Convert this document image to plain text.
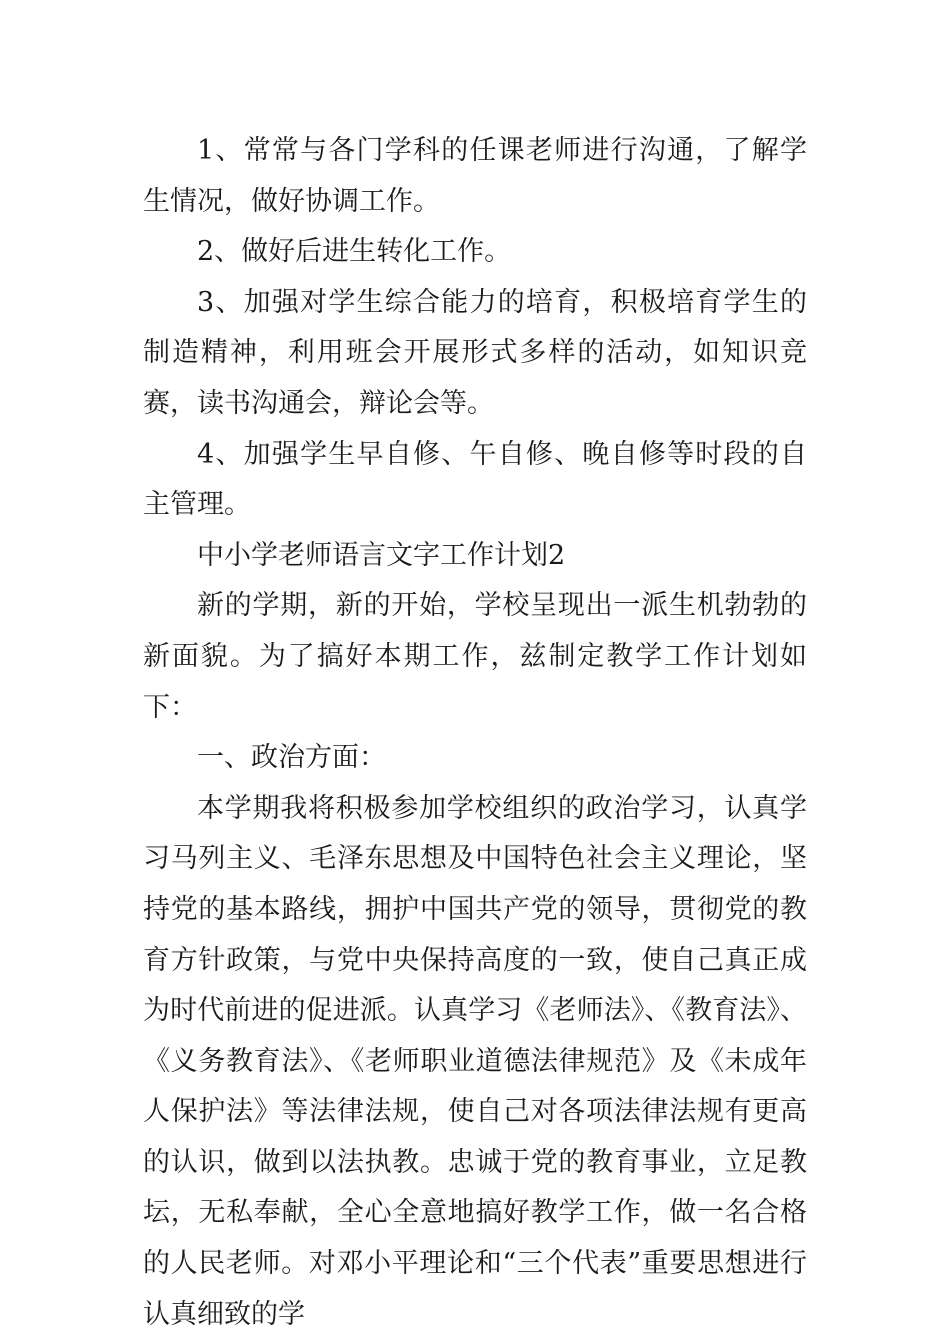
1、常常与各门学科的任课老师进行沟通，了解学生情况，做好协调工作。

2、做好后进生转化工作。

3、加强对学生综合能力的培育，积极培育学生的制造精神，利用班会开展形式多样的活动，如知识竞赛，读书沟通会，辩论会等。

4、加强学生早自修、午自修、晚自修等时段的自主管理。

中小学老师语言文字工作计划2

新的学期，新的开始，学校呈现出一派生机勃勃的新面貌。为了搞好本期工作，兹制定教学工作计划如下：

一、政治方面：

本学期我将积极参加学校组织的政治学习，认真学习马列主义、毛泽东思想及中国特色社会主义理论，坚持党的基本路线，拥护中国共产党的领导，贯彻党的教育方针政策，与党中央保持高度的一致，使自己真正成为时代前进的促进派。认真学习《老师法》、《教育法》、《义务教育法》、《老师职业道德法律规范》及《未成年人保护法》等法律法规，使自己对各项法律法规有更高的认识，做到以法执教。忠诚于党的教育事业，立足教坛，无私奉献，全心全意地搞好教学工作，做一名合格的人民老师。对邓小平理论和“三个代表”重要思想进行认真细致的学
